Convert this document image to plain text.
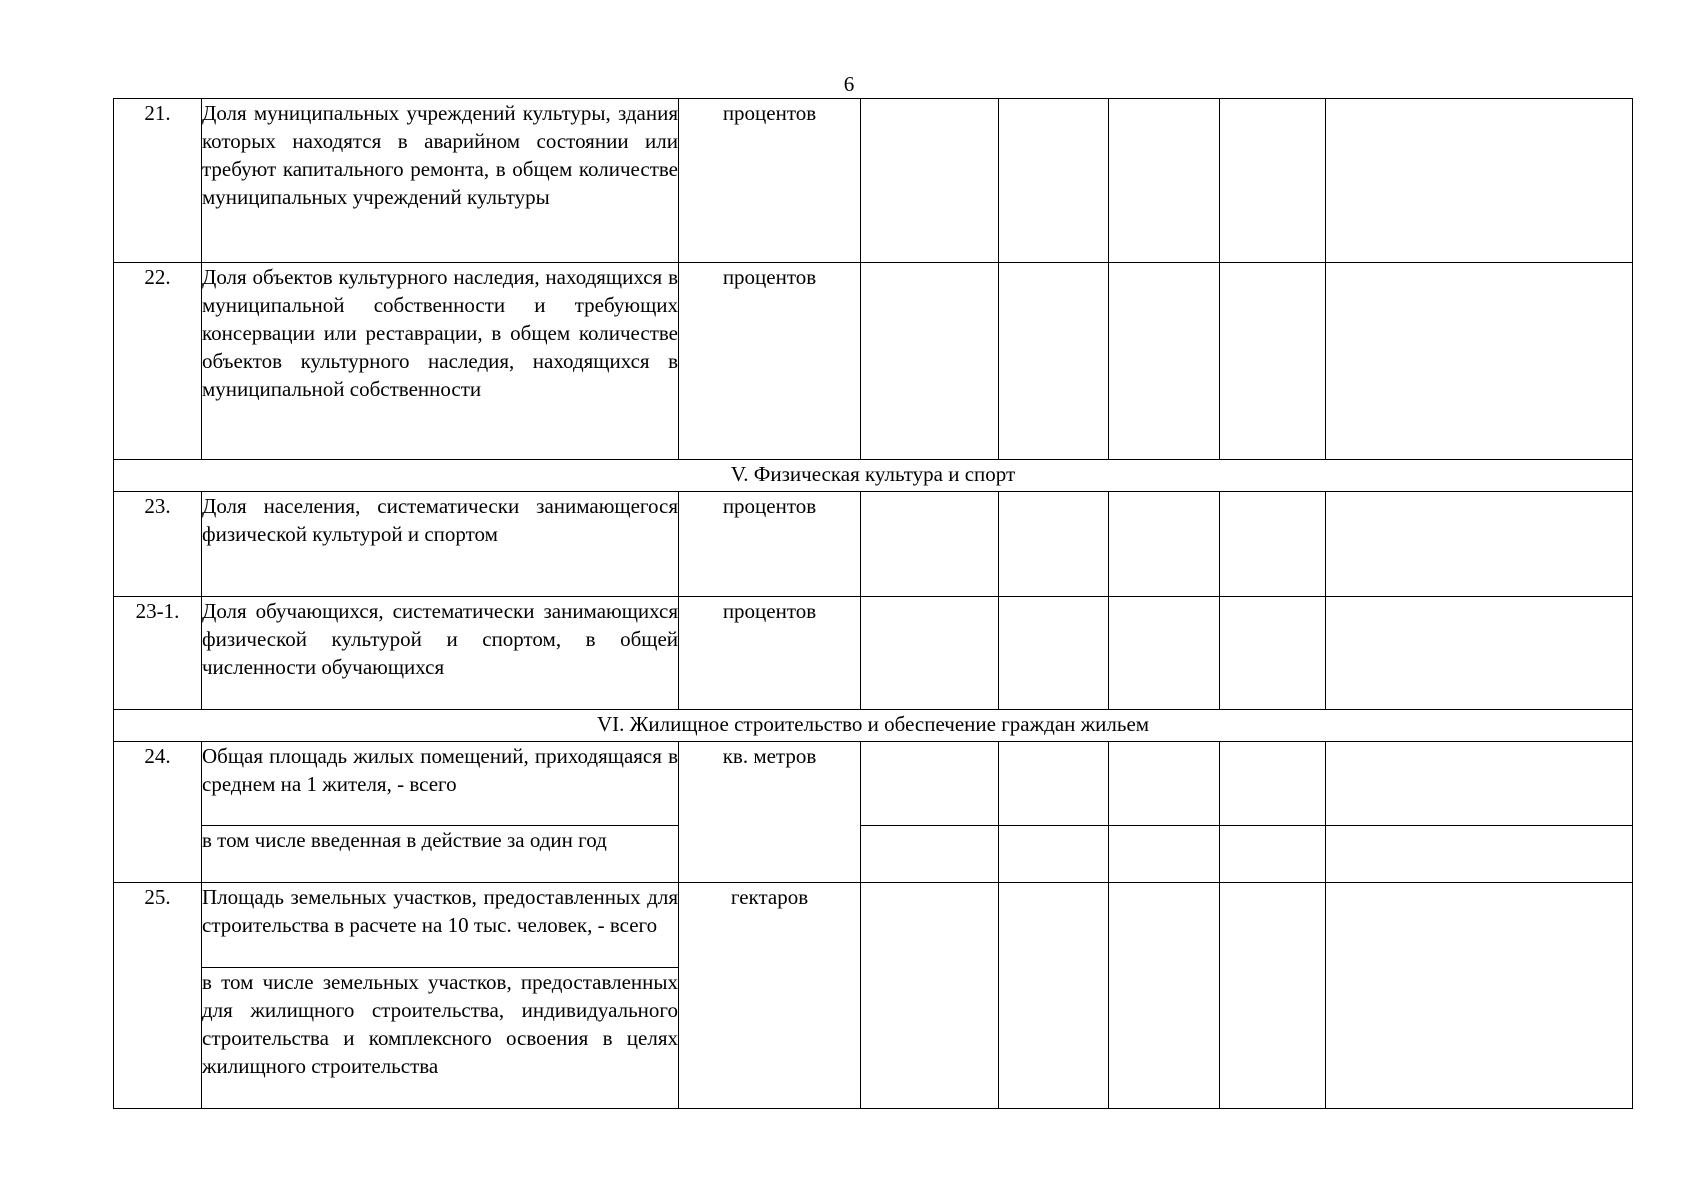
6
21.	Доля муниципальных учреждений культуры, здания которых находятся в аварийном состоянии или требуют капитального ремонта, в общем количестве муниципальных учреждений культуры	процентов					
22.	Доля объектов культурного наследия, находящихся в муниципальной собственности и требующих консервации или реставрации, в общем количестве объектов культурного наследия, находящихся в муниципальной собственности	процентов					
V. Физическая культура и спорт							
23.	Доля населения, систематически занимающегося физической культурой и спортом	процентов					
23-1.	Доля обучающихся, систематически занимающихся физической культурой и спортом, в общей численности обучающихся	процентов					
VI. Жилищное строительство и обеспечение граждан жильем							
24.	Общая площадь жилых помещений, приходящаяся в среднем на 1 жителя, - всего	кв. метров					
	в том числе введенная в действие за один год						
25.	Площадь земельных участков, предоставленных для строительства в расчете на 10 тыс. человек, - всего	гектаров					
	в том числе земельных участков, предоставленных для жилищного строительства, индивидуального строительства и комплексного освоения в целях жилищного строительства						
